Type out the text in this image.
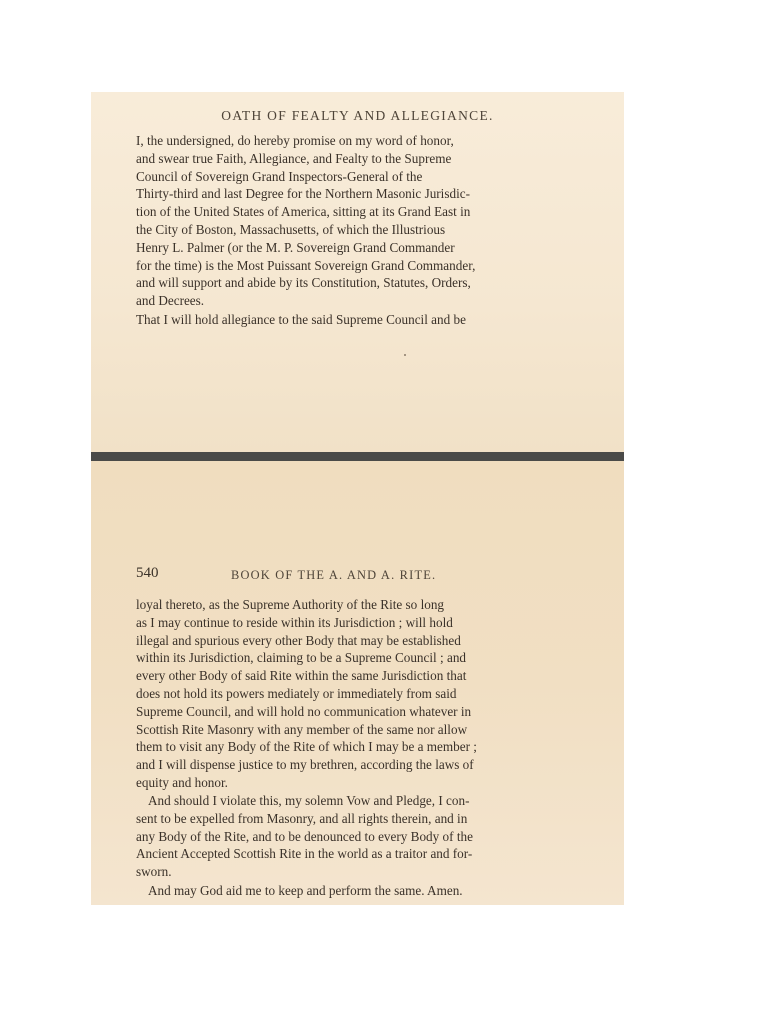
OATH OF FEALTY AND ALLEGIANCE.

I, the undersigned, do hereby promise on my word of honor,
and swear true Faith, Allegiance, and Fealty to the Supreme
Council of Sovereign Grand Inspectors-General of the
Thirty-third and last Degree for the Northern Masonic Jurisdic-
tion of the United States of America, sitting at its Grand East in
the City of Boston, Massachusetts, of which the Illustrious
Henry L. Palmer (or the M. P. Sovereign Grand Commander
for the time) is the Most Puissant Sovereign Grand Commander,
and will support and abide by its Constitution, Statutes, Orders,
and Decrees.

That I will hold allegiance to the said Supreme Council and be

540	BOOK OF THE A. AND A. RITE.

loyal thereto, as the Supreme Authority of the Rite so long
as I may continue to reside within its Jurisdiction ; will hold
illegal and spurious every other Body that may be established
within its Jurisdiction, claiming to be a Supreme Council ; and
every other Body of said Rite within the same Jurisdiction that
does not hold its powers mediately or immediately from said
Supreme Council, and will hold no communication whatever in
Scottish Rite Masonry with any member of the same nor allow
them to visit any Body of the Rite of which I may be a member ;
and I will dispense justice to my brethren, according the laws of
equity and honor.

And should I violate this, my solemn Vow and Pledge, I con-
sent to be expelled from Masonry, and all rights therein, and in
any Body of the Rite, and to be denounced to every Body of the
Ancient Accepted Scottish Rite in the world as a traitor and for-
sworn.

And may God aid me to keep and perform the same. Amen.
